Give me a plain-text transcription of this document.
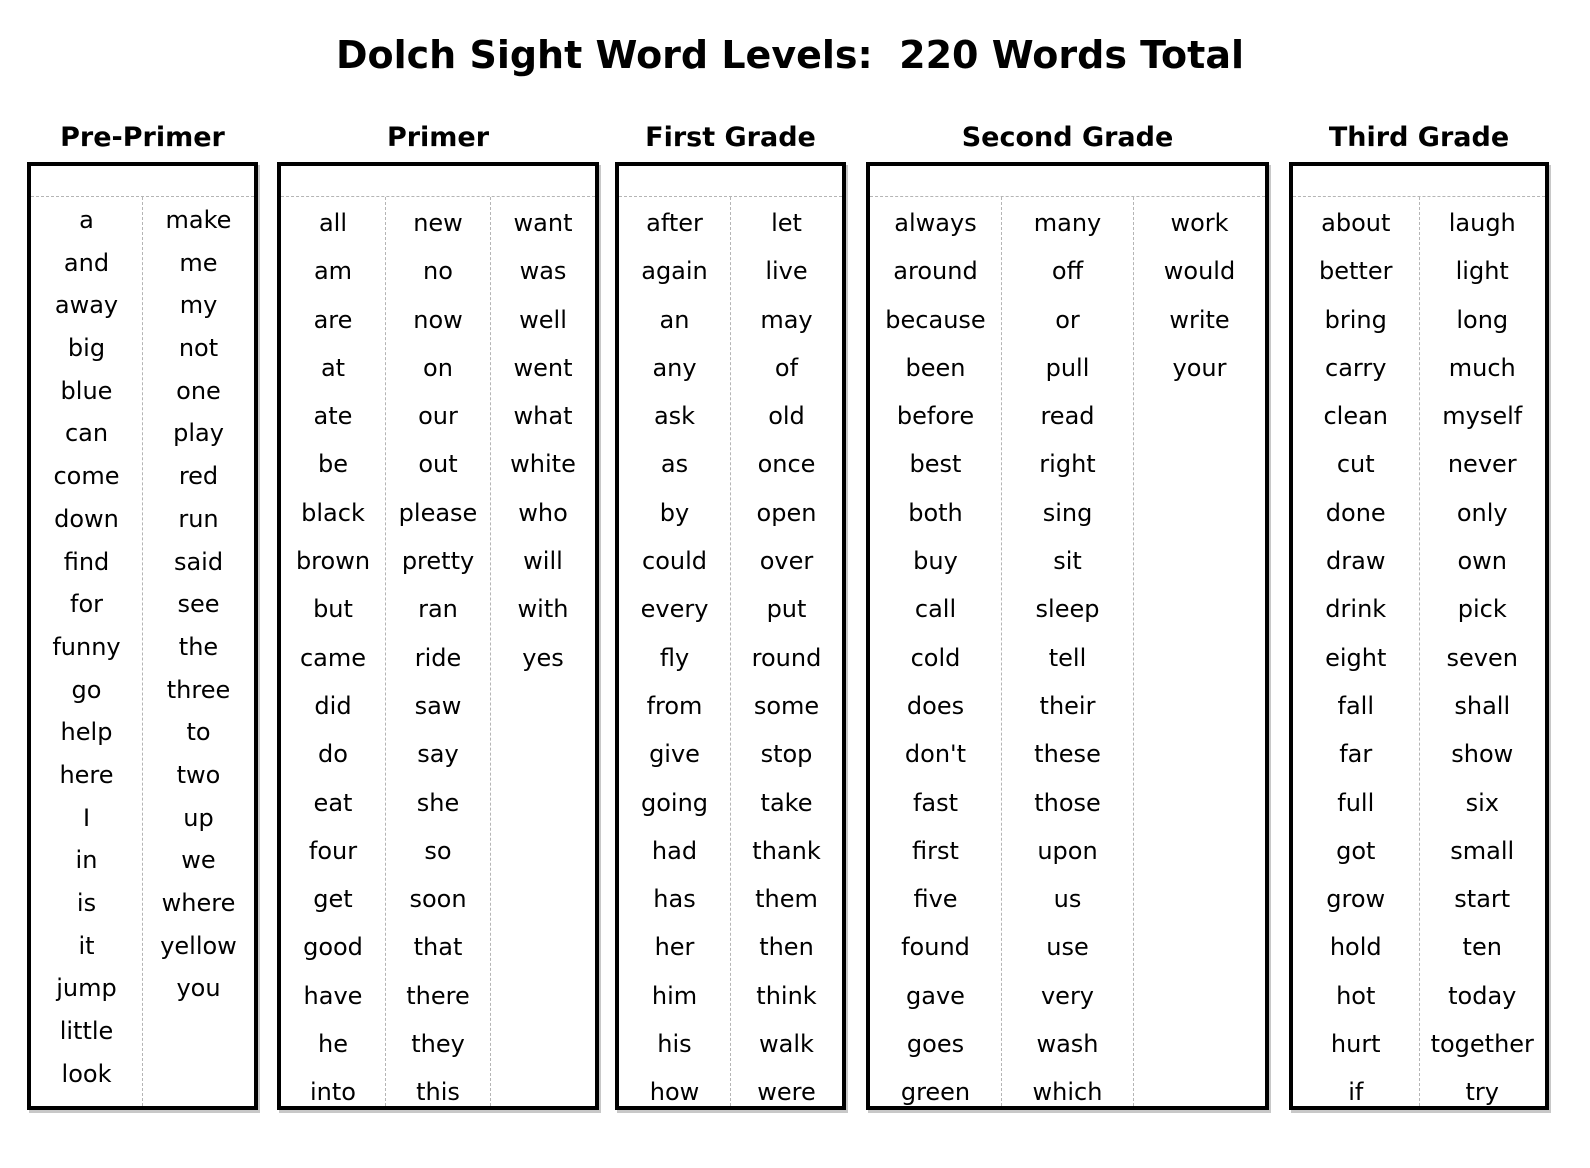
Dolch Sight Word Levels:  220 Words Total
Pre-Primer
a
and
away
big
blue
can
come
down
find
for
funny
go
help
here
I
in
is
it
jump
little
look
make
me
my
not
one
play
red
run
said
see
the
three
to
two
up
we
where
yellow
you
Primer
all
am
are
at
ate
be
black
brown
but
came
did
do
eat
four
get
good
have
he
into
new
no
now
on
our
out
please
pretty
ran
ride
saw
say
she
so
soon
that
there
they
this
want
was
well
went
what
white
who
will
with
yes
First Grade
after
again
an
any
ask
as
by
could
every
fly
from
give
going
had
has
her
him
his
how
let
live
may
of
old
once
open
over
put
round
some
stop
take
thank
them
then
think
walk
were
Second Grade
always
around
because
been
before
best
both
buy
call
cold
does
don't
fast
first
five
found
gave
goes
green
many
off
or
pull
read
right
sing
sit
sleep
tell
their
these
those
upon
us
use
very
wash
which
work
would
write
your
Third Grade
about
better
bring
carry
clean
cut
done
draw
drink
eight
fall
far
full
got
grow
hold
hot
hurt
if
laugh
light
long
much
myself
never
only
own
pick
seven
shall
show
six
small
start
ten
today
together
try
